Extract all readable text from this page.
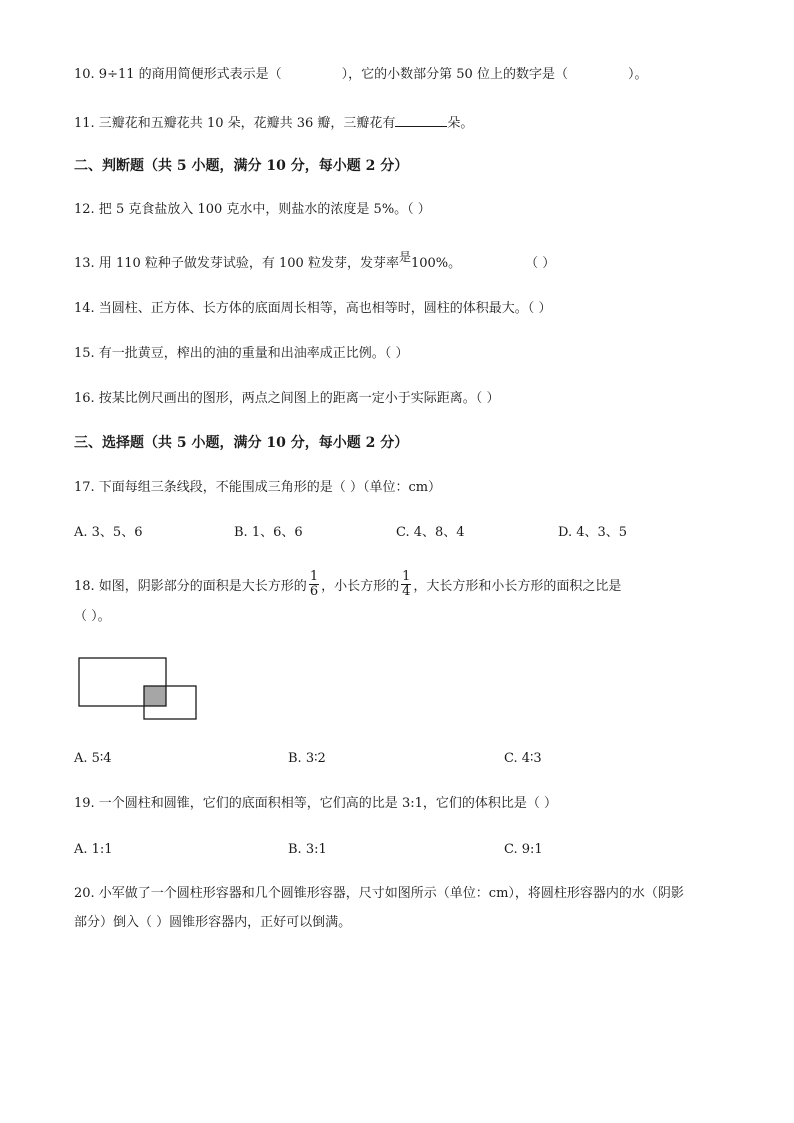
10. 9÷11 的商用简便形式表示是（	），它的小数部分第 50 位上的数字是（	）。
11. 三瓣花和五瓣花共 10 朵，花瓣共 36 瓣，三瓣花有	朵。
二、判断题（共 5 小题，满分 10 分，每小题 2 分）
12. 把 5 克食盐放入 100 克水中，则盐水的浓度是 5%。（ ）
13. 用 110 粒种子做发芽试验，有 100 粒发芽，发芽率是100%。	（ ）
14. 当圆柱、正方体、长方体的底面周长相等，高也相等时，圆柱的体积最大。（ ）
15. 有一批黄豆，榨出的油的重量和出油率成正比例。（ ）
16. 按某比例尺画出的图形，两点之间图上的距离一定小于实际距离。（ ）
三、选择题（共 5 小题，满分 10 分，每小题 2 分）
17. 下面每组三条线段，不能围成三角形的是（ ）（单位：cm）
A. 3、5、6	B. 1、6、6	C. 4、8、4	D. 4、3、5
18. 如图，阴影部分的面积是大长方形的 $\frac{1}{6}$ ，小长方形的 $\frac{1}{4}$ ，大长方形和小长方形的面积之比是
（ ）。
A. 5∶4	B. 3∶2	C. 4∶3
19. 一个圆柱和圆锥，它们的底面积相等，它们高的比是 3:1，它们的体积比是（ ）
A. 1:1	B. 3:1	C. 9:1
20. 小军做了一个圆柱形容器和几个圆锥形容器，尺寸如图所示（单位：cm），将圆柱形容器内的水（阴影
部分）倒入（ ）圆锥形容器内，正好可以倒满。
